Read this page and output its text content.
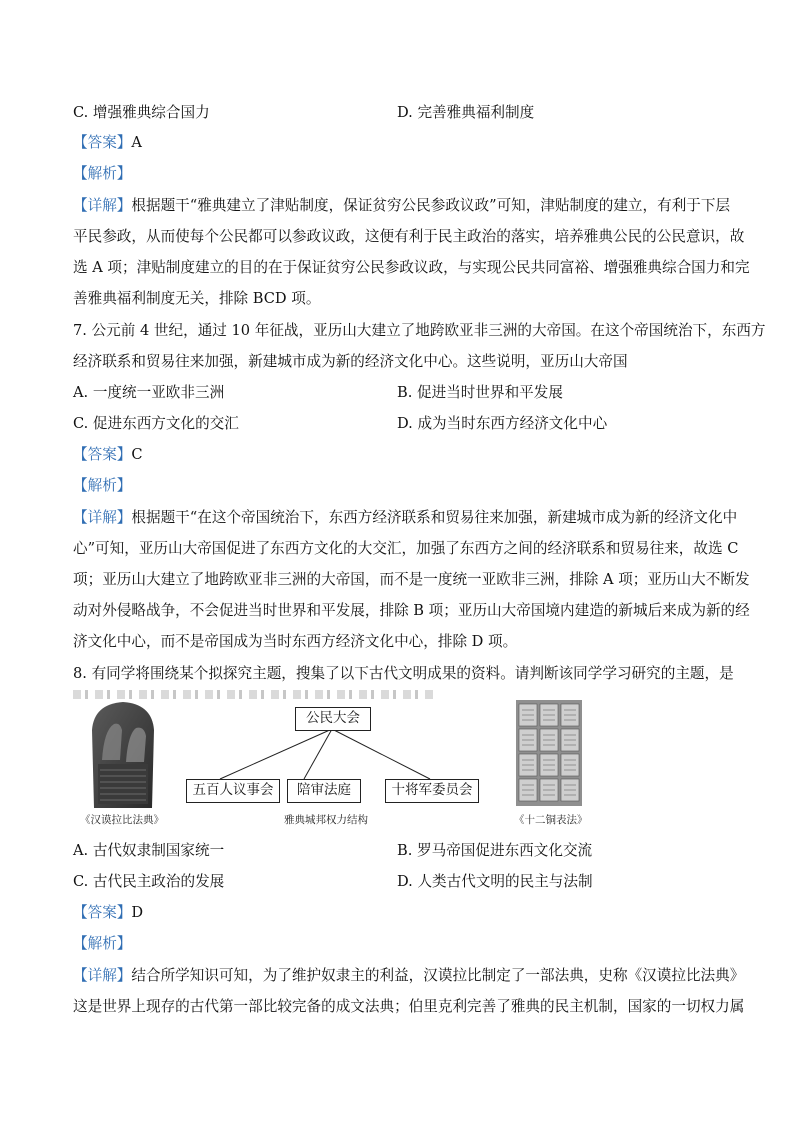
C. 增强雅典综合国力	D. 完善雅典福利制度
【答案】A
【解析】
【详解】根据题干“雅典建立了津贴制度，保证贫穷公民参政议政”可知，津贴制度的建立，有利于下层
平民参政，从而使每个公民都可以参政议政，这便有利于民主政治的落实，培养雅典公民的公民意识，故
选 A 项；津贴制度建立的目的在于保证贫穷公民参政议政，与实现公民共同富裕、增强雅典综合国力和完
善雅典福利制度无关，排除 BCD 项。
7. 公元前 4 世纪，通过 10 年征战，亚历山大建立了地跨欧亚非三洲的大帝国。在这个帝国统治下，东西方
经济联系和贸易往来加强，新建城市成为新的经济文化中心。这些说明，亚历山大帝国
A. 一度统一亚欧非三洲	B. 促进当时世界和平发展
C. 促进东西方文化的交汇	D. 成为当时东西方经济文化中心
【答案】C
【解析】
【详解】根据题干“在这个帝国统治下，东西方经济联系和贸易往来加强，新建城市成为新的经济文化中
心”可知，亚历山大帝国促进了东西方文化的大交汇，加强了东西方之间的经济联系和贸易往来，故选 C
项；亚历山大建立了地跨欧亚非三洲的大帝国，而不是一度统一亚欧非三洲，排除 A 项；亚历山大不断发
动对外侵略战争，不会促进当时世界和平发展，排除 B 项；亚历山大帝国境内建造的新城后来成为新的经
济文化中心，而不是帝国成为当时东西方经济文化中心，排除 D 项。
8. 有同学将围绕某个拟探究主题，搜集了以下古代文明成果的资料。请判断该同学学习研究的主题，是
《汉谟拉比法典》
公民大会
五百人议事会	陪审法庭	十将军委员会
雅典城邦权力结构	《十二铜表法》
A. 古代奴隶制国家统一	B. 罗马帝国促进东西文化交流
C. 古代民主政治的发展	D. 人类古代文明的民主与法制
【答案】D
【解析】
【详解】结合所学知识可知，为了维护奴隶主的利益，汉谟拉比制定了一部法典，史称《汉谟拉比法典》
这是世界上现存的古代第一部比较完备的成文法典；伯里克利完善了雅典的民主机制，国家的一切权力属
